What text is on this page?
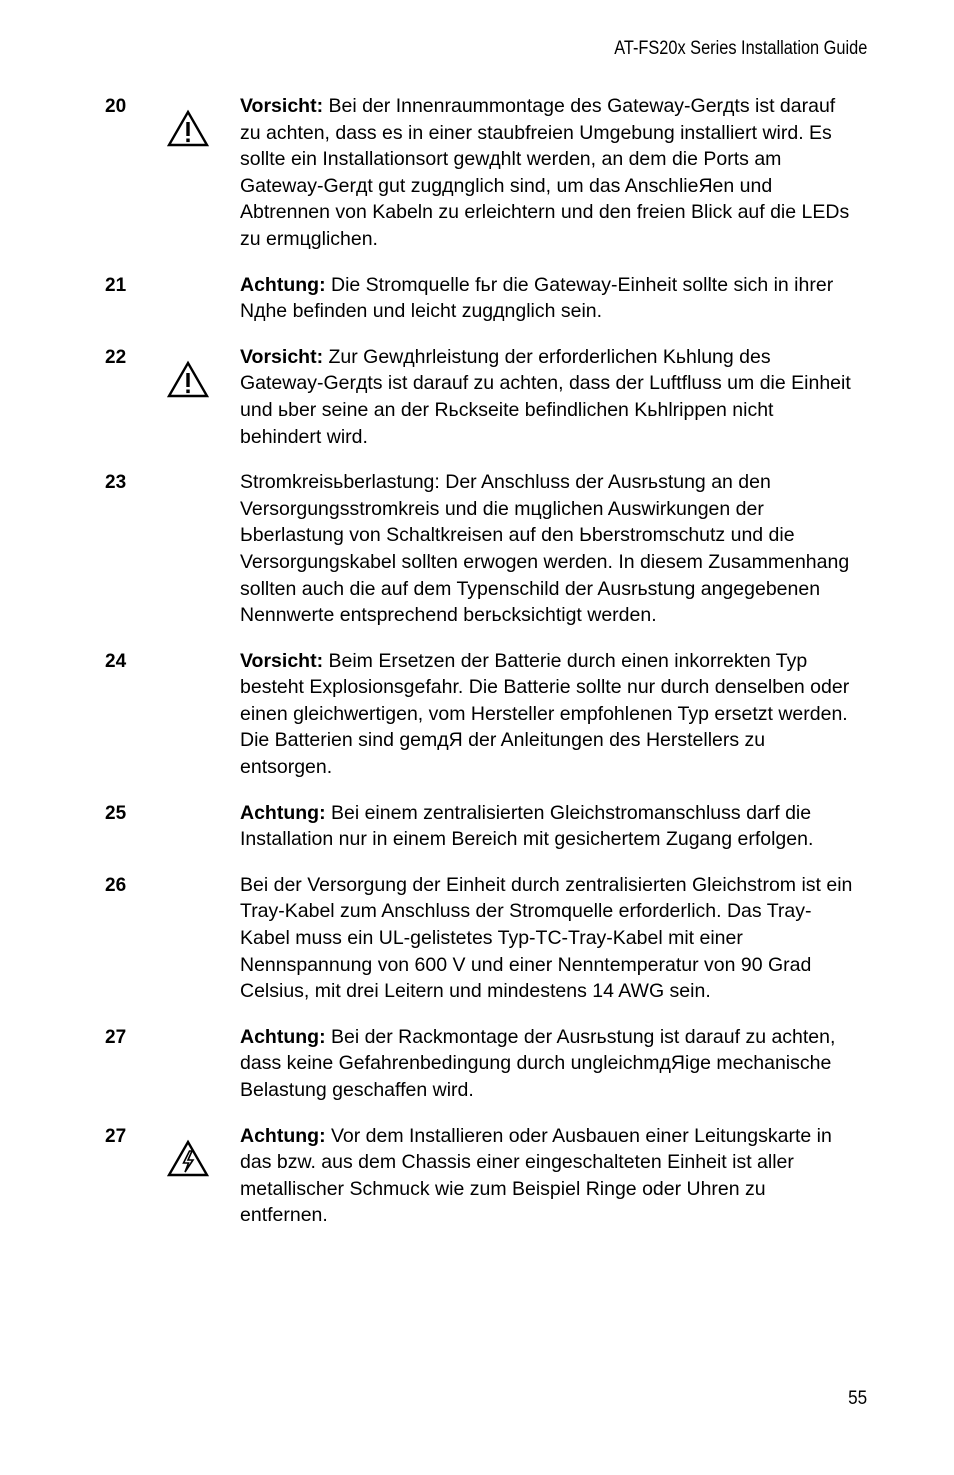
AT-FS20x Series Installation Guide
20	Vorsicht: Bei der Innenraummontage des Gateway-Gerдts ist darauf zu achten, dass es in einer staubfreien Umgebung installiert wird. Es sollte ein Installationsort gewдhlt werden, an dem die Ports am Gateway-Gerдt gut zugдnglich sind, um das AnschlieЯen und Abtrennen von Kabeln zu erleichtern und den freien Blick auf die LEDs zu ermцglichen.
21	Achtung: Die Stromquelle fьr die Gateway-Einheit sollte sich in ihrer Nдhe befinden und leicht zugдnglich sein.
22	Vorsicht: Zur Gewдhrleistung der erforderlichen Kьhlung des Gateway-Gerдts ist darauf zu achten, dass der Luftfluss um die Einheit und ьber seine an der Rьckseite befindlichen Kьhlrippen nicht behindert wird.
23	Stromkreisьberlastung: Der Anschluss der Ausrьstung an den Versorgungsstromkreis und die mцglichen Auswirkungen der Ьberlastung von Schaltkreisen auf den Ьberstromschutz und die Versorgungskabel sollten erwogen werden. In diesem Zusammenhang sollten auch die auf dem Typenschild der Ausrьstung angegebenen Nennwerte entsprechend berьcksichtigt werden.
24	Vorsicht: Beim Ersetzen der Batterie durch einen inkorrekten Typ besteht Explosionsgefahr. Die Batterie sollte nur durch denselben oder einen gleichwertigen, vom Hersteller empfohlenen Typ ersetzt werden. Die Batterien sind gemдЯ der Anleitungen des Herstellers zu entsorgen.
25	Achtung: Bei einem zentralisierten Gleichstromanschluss darf die Installation nur in einem Bereich mit gesichertem Zugang erfolgen.
26	Bei der Versorgung der Einheit durch zentralisierten Gleichstrom ist ein Tray-Kabel zum Anschluss der Stromquelle erforderlich. Das Tray-Kabel muss ein UL-gelistetes Typ-TC-Tray-Kabel mit einer Nennspannung von 600 V und einer Nenntemperatur von 90 Grad Celsius, mit drei Leitern und mindestens 14 AWG sein.
27	Achtung: Bei der Rackmontage der Ausrьstung ist darauf zu achten, dass keine Gefahrenbedingung durch ungleichmдЯige mechanische Belastung geschaffen wird.
27	Achtung: Vor dem Installieren oder Ausbauen einer Leitungskarte in das bzw. aus dem Chassis einer eingeschalteten Einheit ist aller metallischer Schmuck wie zum Beispiel Ringe oder Uhren zu entfernen.
55
